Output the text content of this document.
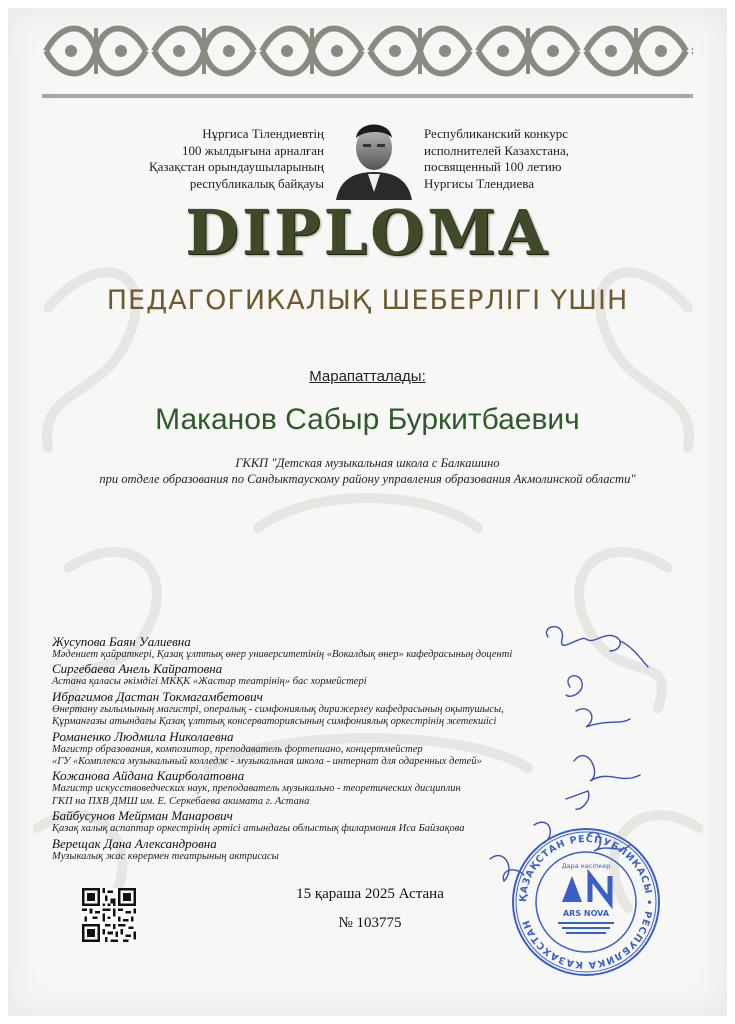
Нұргиса Тілендиевтің
100 жылдығына арналған
Қазақстан орындаушыларының
республикалық байқауы
Республиканский конкурс
исполнителей Казахстана,
посвященный 100 летию
Нургисы Тлендиева
DIPLOMA
ПЕДАГОГИКАЛЫҚ ШЕБЕРЛІГІ ҮШІН
Марапатталады:
Маканов Сабыр Буркитбаевич
ГККП "Детская музыкальная школа с Балкашино
при отделе образования по Сандыктаускому району управления образования Акмолинской области"
Жусупова Баян Уалиевна
Мәдениет қайраткері, Қазақ ұлттық өнер университетінің «Вокалдық өнер» кафедрасының доценті
Сиргебаева Анель Кайратовна
Астана қаласы әкімдігі МКҚК «Жастар театрінің» бас хормейстері
Ибрагимов Дастан Токмагамбетович
Өнертану ғылымының магистрі, опералық - симфониялық дирижерлеу кафедрасының оқытушысы,
Құрманғазы атындағы Қазақ ұлттық консерваториясының симфониялық оркестрінің жетекшісі
Романенко Людмила Николаевна
Магистр образования, композитор, преподаватель фортепиано, концертмейстер
«ГУ «Комплекса музыкальный колледж - музыкальная школа - интернат для одаренных детей»
Кожанова Айдана Каирболатовна
Магистр искусствоведческих наук, преподаватель музыкально - теоретических дисциплин
ГКП на ПХВ ДМШ им. Е. Серкебаева акимата г. Астана
Байбусунов Мейрман Манарович
Қазақ халық аспаптар оркестрінің әртісі атындағы облыстық филармония Иса Байзақова
Верещак Дана Александровна
Музыкалық жас көрермен театрының актрисасы
15 қараша 2025 Астана
№ 103775
ҚАЗАҚСТАН РЕСПУБЛИКАСЫ • РЕСПУБЛИКА КАЗАХСТАН
ARS NOVA
Дара кәсіпкер
